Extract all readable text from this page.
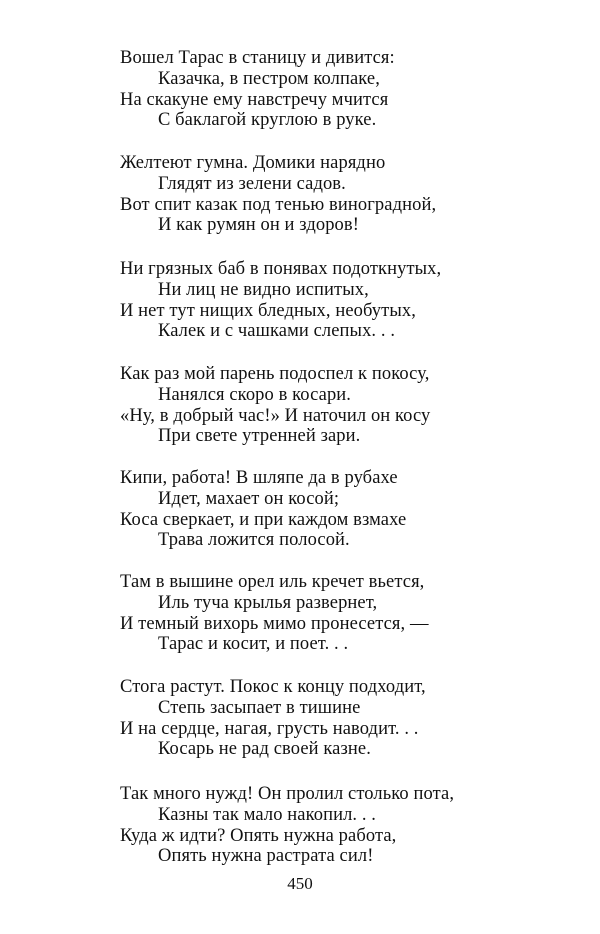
Вошел Тарас в станицу и дивится:
Казачка, в пестром колпаке,
На скакуне ему навстречу мчится
С баклагой круглою в руке.
Желтеют гумна. Домики нарядно
Глядят из зелени садов.
Вот спит казак под тенью виноградной,
И как румян он и здоров!
Ни грязных баб в понявах подоткнутых,
Ни лиц не видно испитых,
И нет тут нищих бледных, необутых,
Калек и с чашками слепых. . .
Как раз мой парень подоспел к покосу,
Нанялся скоро в косари.
«Ну, в добрый час!» И наточил он косу
При свете утренней зари.
Кипи, работа! В шляпе да в рубахе
Идет, махает он косой;
Коса сверкает, и при каждом взмахе
Трава ложится полосой.
Там в вышине орел иль кречет вьется,
Иль туча крылья развернет,
И темный вихорь мимо пронесется, —
Тарас и косит, и поет. . .
Стога растут. Покос к концу подходит,
Степь засыпает в тишине
И на сердце, нагая, грусть наводит. . .
Косарь не рад своей казне.
Так много нужд! Он пролил столько пота,
Казны так мало накопил. . .
Куда ж идти? Опять нужна работа,
Опять нужна растрата сил!
450
